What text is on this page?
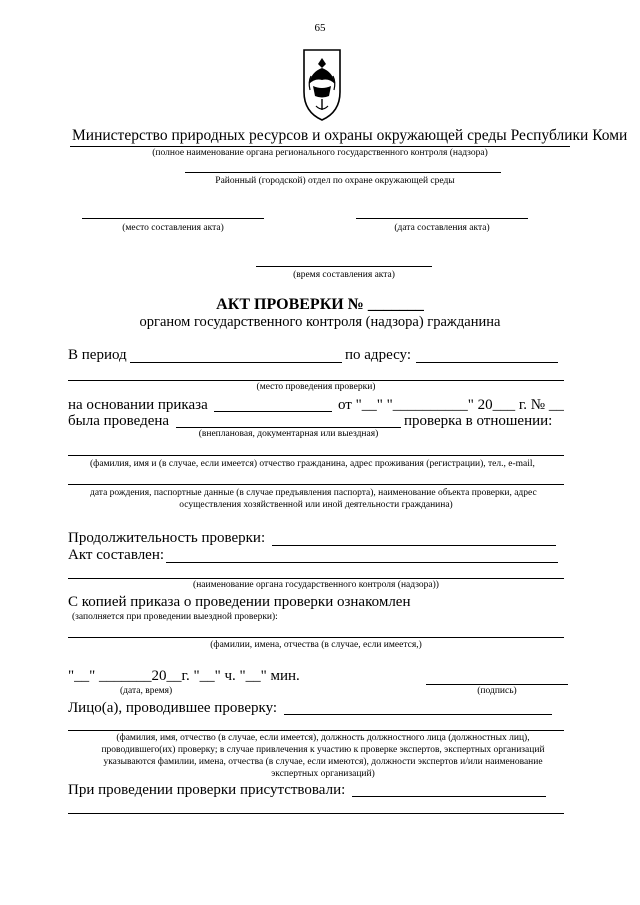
65
Министерство природных ресурсов и охраны окружающей среды Республики Коми
(полное наименование органа регионального государственного контроля (надзора)
Районный (городской) отдел по охране окружающей среды
(место составления акта)	(дата составления акта)
(время составления акта)
АКТ ПРОВЕРКИ № _______
органом государственного контроля (надзора) гражданина
В период	по адресу:
(место проведения проверки)
на основании приказа	от "__" "__________" 20___ г. № __
была проведена	проверка в отношении:
(внеплановая, документарная или выездная)
(фамилия, имя и (в случае, если имеется) отчество гражданина, адрес проживания (регистрации), тел., e-mail,
дата рождения, паспортные данные (в случае предъявления паспорта), наименование объекта проверки, адрес
осуществления хозяйственной или иной деятельности гражданина)
Продолжительность проверки:
Акт составлен:
(наименование органа государственного контроля (надзора))
С копией приказа о проведении проверки ознакомлен
(заполняется при проведении выездной проверки):
(фамилии, имена, отчества (в случае, если имеется,)
"__" _______20__г. "__" ч. "__" мин.
(дата, время)	(подпись)
Лицо(а), проводившее проверку:
(фамилия, имя, отчество (в случае, если имеется), должность должностного лица (должностных лиц),
проводившего(их) проверку; в случае привлечения к участию к проверке экспертов, экспертных организаций
указываются фамилии, имена, отчества (в случае, если имеются), должности экспертов и/или наименование
экспертных организаций)
При проведении проверки присутствовали:
